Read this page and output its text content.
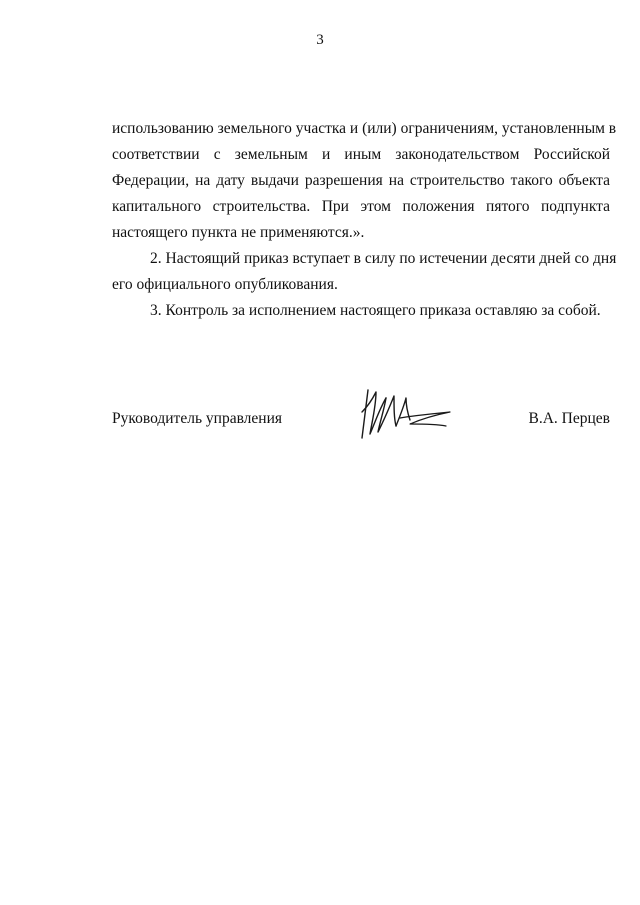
3
использованию земельного участка и (или) ограничениям, установленным в
соответствии с земельным и иным законодательством Российской
Федерации, на дату выдачи разрешения на строительство такого объекта
капитального строительства. При этом положения пятого подпункта
настоящего пункта не применяются.».
2. Настоящий приказ вступает в силу по истечении десяти дней со дня
его официального опубликования.
3. Контроль за исполнением настоящего приказа оставляю за собой.
Руководитель управления	В.А. Перцев
